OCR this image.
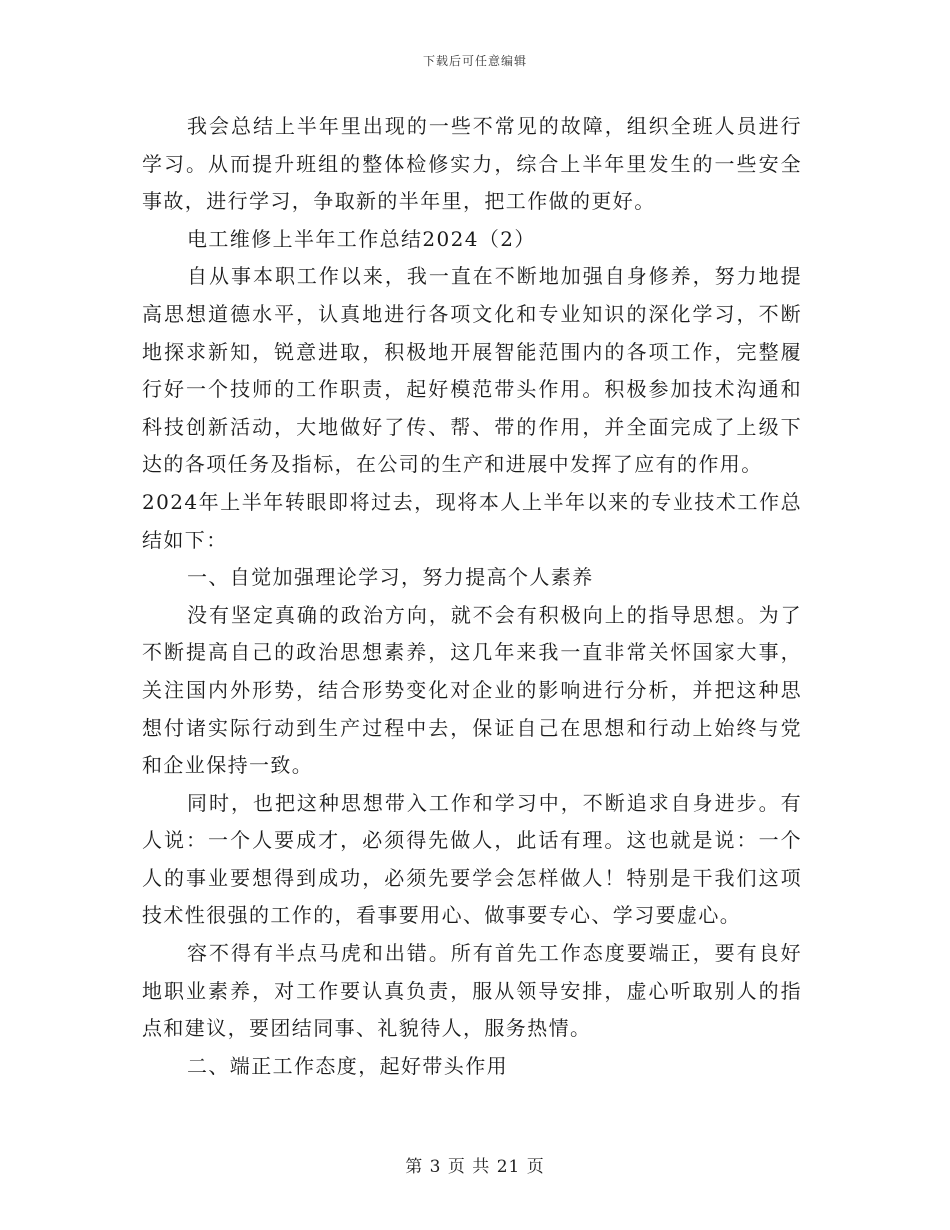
下载后可任意编辑

我会总结上半年里出现的一些不常见的故障，组织全班人员进行学习。从而提升班组的整体检修实力，综合上半年里发生的一些安全事故，进行学习，争取新的半年里，把工作做的更好。

电工维修上半年工作总结2024（2）

自从事本职工作以来，我一直在不断地加强自身修养，努力地提高思想道德水平，认真地进行各项文化和专业知识的深化学习，不断地探求新知，锐意进取，积极地开展智能范围内的各项工作，完整履行好一个技师的工作职责，起好模范带头作用。积极参加技术沟通和科技创新活动，大地做好了传、帮、带的作用，并全面完成了上级下达的各项任务及指标，在公司的生产和进展中发挥了应有的作用。

2024年上半年转眼即将过去，现将本人上半年以来的专业技术工作总结如下：

一、自觉加强理论学习，努力提高个人素养

没有坚定真确的政治方向，就不会有积极向上的指导思想。为了不断提高自己的政治思想素养，这几年来我一直非常关怀国家大事，关注国内外形势，结合形势变化对企业的影响进行分析，并把这种思想付诸实际行动到生产过程中去，保证自己在思想和行动上始终与党和企业保持一致。

同时，也把这种思想带入工作和学习中，不断追求自身进步。有人说：一个人要成才，必须得先做人，此话有理。这也就是说：一个人的事业要想得到成功，必须先要学会怎样做人！特别是干我们这项技术性很强的工作的，看事要用心、做事要专心、学习要虚心。

容不得有半点马虎和出错。所有首先工作态度要端正，要有良好地职业素养，对工作要认真负责，服从领导安排，虚心听取别人的指点和建议，要团结同事、礼貌待人，服务热情。

二、端正工作态度，起好带头作用

第 3 页 共 21 页
